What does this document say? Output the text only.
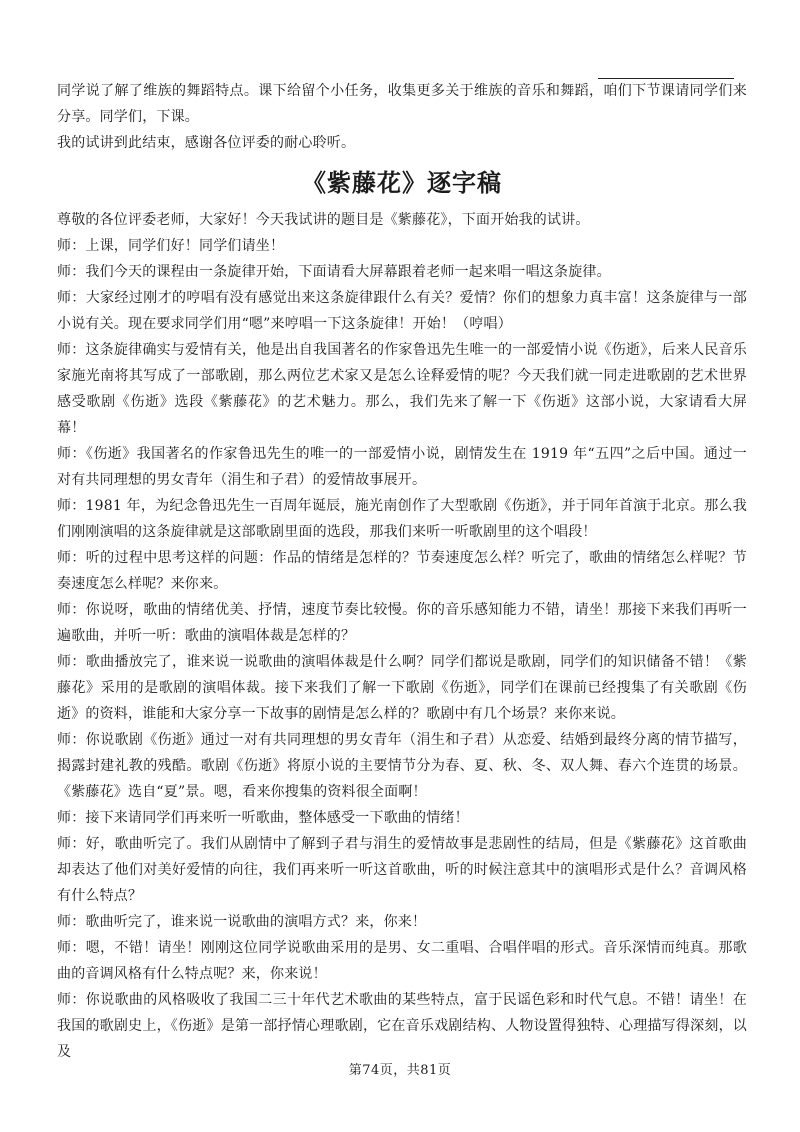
同学说了解了维族的舞蹈特点。课下给留个小任务，收集更多关于维族的音乐和舞蹈，咱们下节课请同学们来分享。同学们，下课。

我的试讲到此结束，感谢各位评委的耐心聆听。

《紫藤花》逐字稿

尊敬的各位评委老师，大家好！今天我试讲的题目是《紫藤花》，下面开始我的试讲。

师：上课，同学们好！同学们请坐！

师：我们今天的课程由一条旋律开始，下面请看大屏幕跟着老师一起来唱一唱这条旋律。

师：大家经过刚才的哼唱有没有感觉出来这条旋律跟什么有关？爱情？你们的想象力真丰富！这条旋律与一部小说有关。现在要求同学们用“嗯”来哼唱一下这条旋律！开始！（哼唱）

师：这条旋律确实与爱情有关，他是出自我国著名的作家鲁迅先生唯一的一部爱情小说《伤逝》，后来人民音乐家施光南将其写成了一部歌剧，那么两位艺术家又是怎么诠释爱情的呢？今天我们就一同走进歌剧的艺术世界感受歌剧《伤逝》选段《紫藤花》的艺术魅力。那么，我们先来了解一下《伤逝》这部小说，大家请看大屏幕！

师：《伤逝》我国著名的作家鲁迅先生的唯一的一部爱情小说，剧情发生在 1919 年“五四”之后中国。通过一对有共同理想的男女青年（涓生和子君）的爱情故事展开。

师：1981 年，为纪念鲁迅先生一百周年诞辰，施光南创作了大型歌剧《伤逝》，并于同年首演于北京。那么我们刚刚演唱的这条旋律就是这部歌剧里面的选段，那我们来听一听歌剧里的这个唱段！

师：听的过程中思考这样的问题：作品的情绪是怎样的？节奏速度怎么样？听完了，歌曲的情绪怎么样呢？节奏速度怎么样呢？来你来。

师：你说呀，歌曲的情绪优美、抒情，速度节奏比较慢。你的音乐感知能力不错，请坐！那接下来我们再听一遍歌曲，并听一听：歌曲的演唱体裁是怎样的？

师：歌曲播放完了，谁来说一说歌曲的演唱体裁是什么啊？同学们都说是歌剧，同学们的知识储备不错！《紫藤花》采用的是歌剧的演唱体裁。接下来我们了解一下歌剧《伤逝》，同学们在课前已经搜集了有关歌剧《伤逝》的资料，谁能和大家分享一下故事的剧情是怎么样的？歌剧中有几个场景？来你来说。

师：你说歌剧《伤逝》通过一对有共同理想的男女青年（涓生和子君）从恋爱、结婚到最终分离的情节描写，揭露封建礼教的残酷。歌剧《伤逝》将原小说的主要情节分为春、夏、秋、冬、双人舞、春六个连贯的场景。《紫藤花》选自“夏”景。嗯，看来你搜集的资料很全面啊！

师：接下来请同学们再来听一听歌曲，整体感受一下歌曲的情绪！

师：好，歌曲听完了。我们从剧情中了解到子君与涓生的爱情故事是悲剧性的结局，但是《紫藤花》这首歌曲却表达了他们对美好爱情的向往，我们再来听一听这首歌曲，听的时候注意其中的演唱形式是什么？音调风格有什么特点？

师：歌曲听完了，谁来说一说歌曲的演唱方式？来，你来！

师：嗯，不错！请坐！刚刚这位同学说歌曲采用的是男、女二重唱、合唱伴唱的形式。音乐深情而纯真。那歌曲的音调风格有什么特点呢？来，你来说！

师：你说歌曲的风格吸收了我国二三十年代艺术歌曲的某些特点，富于民谣色彩和时代气息。不错！请坐！在我国的歌剧史上，《伤逝》是第一部抒情心理歌剧，它在音乐戏剧结构、人物设置得独特、心理描写得深刻，以及

第74页，共81页
